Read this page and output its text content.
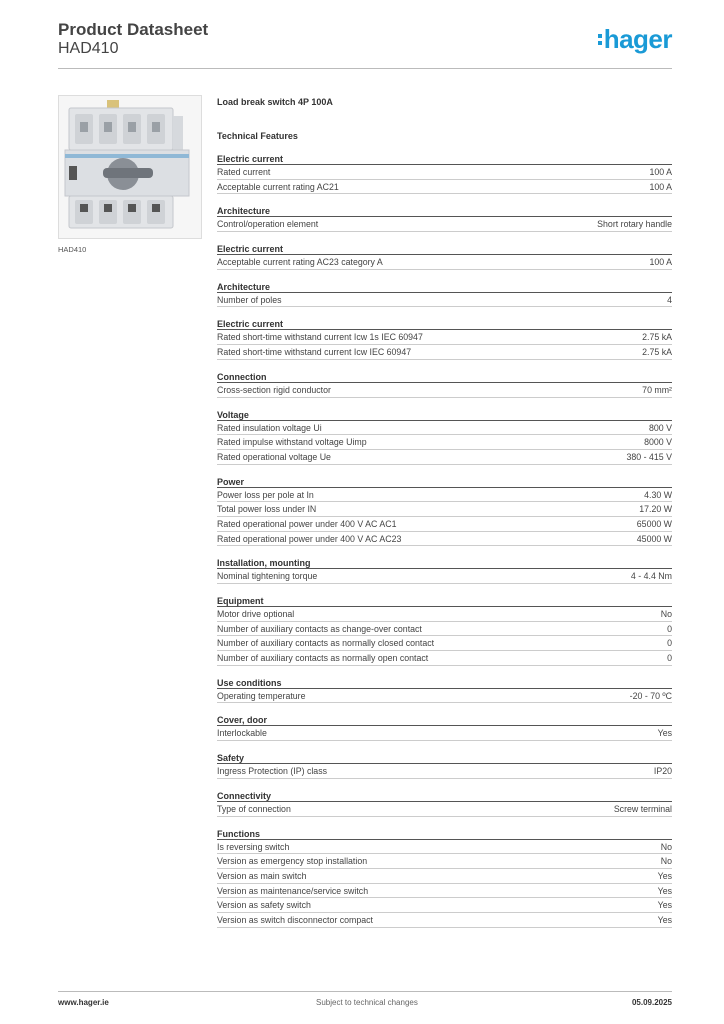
Product Datasheet
HAD410	hager
HAD410
Load break switch 4P 100A
Technical Features
Electric current
Rated current	100 A
Acceptable current rating AC21	100 A
Architecture
Control/operation element	Short rotary handle
Electric current
Acceptable current rating AC23 category A	100 A
Architecture
Number of poles	4
Electric current
Rated short-time withstand current Icw 1s IEC 60947	2.75 kA
Rated short-time withstand current Icw IEC 60947	2.75 kA
Connection
Cross-section rigid conductor	70 mm²
Voltage
Rated insulation voltage Ui	800 V
Rated impulse withstand voltage Uimp	8000 V
Rated operational voltage Ue	380 - 415 V
Power
Power loss per pole at In	4.30 W
Total power loss under IN	17.20 W
Rated operational power under 400 V AC AC1	65000 W
Rated operational power under 400 V AC AC23	45000 W
Installation, mounting
Nominal tightening torque	4 - 4.4 Nm
Equipment
Motor drive optional	No
Number of auxiliary contacts as change-over contact	0
Number of auxiliary contacts as normally closed contact	0
Number of auxiliary contacts as normally open contact	0
Use conditions
Operating temperature	-20 - 70 ºC
Cover, door
Interlockable	Yes
Safety
Ingress Protection (IP) class	IP20
Connectivity
Type of connection	Screw terminal
Functions
Is reversing switch	No
Version as emergency stop installation	No
Version as main switch	Yes
Version as maintenance/service switch	Yes
Version as safety switch	Yes
Version as switch disconnector compact	Yes
www.hager.ie	Subject to technical changes	05.09.2025
